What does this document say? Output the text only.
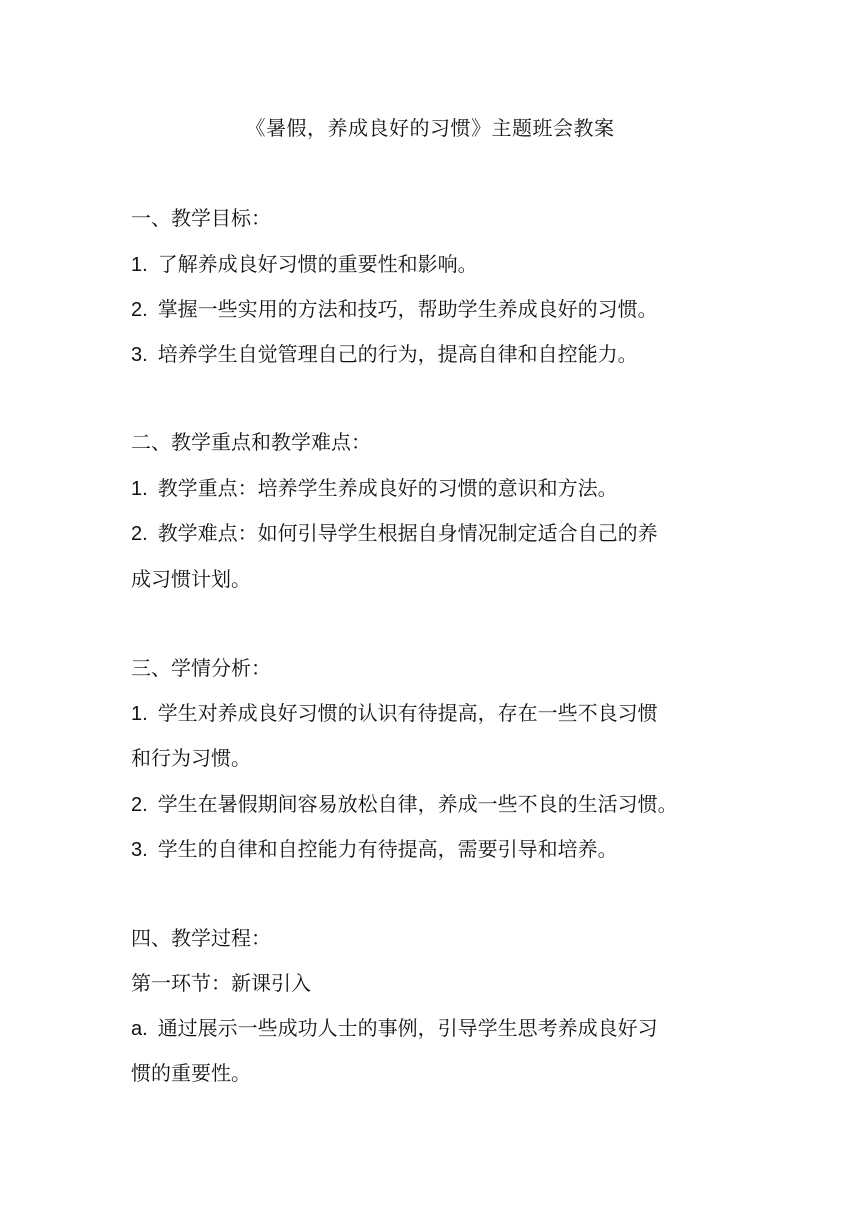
《暑假，养成良好的习惯》主题班会教案
一、教学目标：
1. 了解养成良好习惯的重要性和影响。
2. 掌握一些实用的方法和技巧，帮助学生养成良好的习惯。
3. 培养学生自觉管理自己的行为，提高自律和自控能力。
二、教学重点和教学难点：
1. 教学重点：培养学生养成良好的习惯的意识和方法。
2. 教学难点：如何引导学生根据自身情况制定适合自己的养
成习惯计划。
三、学情分析：
1. 学生对养成良好习惯的认识有待提高，存在一些不良习惯
和行为习惯。
2. 学生在暑假期间容易放松自律，养成一些不良的生活习惯。
3. 学生的自律和自控能力有待提高，需要引导和培养。
四、教学过程：
第一环节：新课引入
a. 通过展示一些成功人士的事例，引导学生思考养成良好习
惯的重要性。
